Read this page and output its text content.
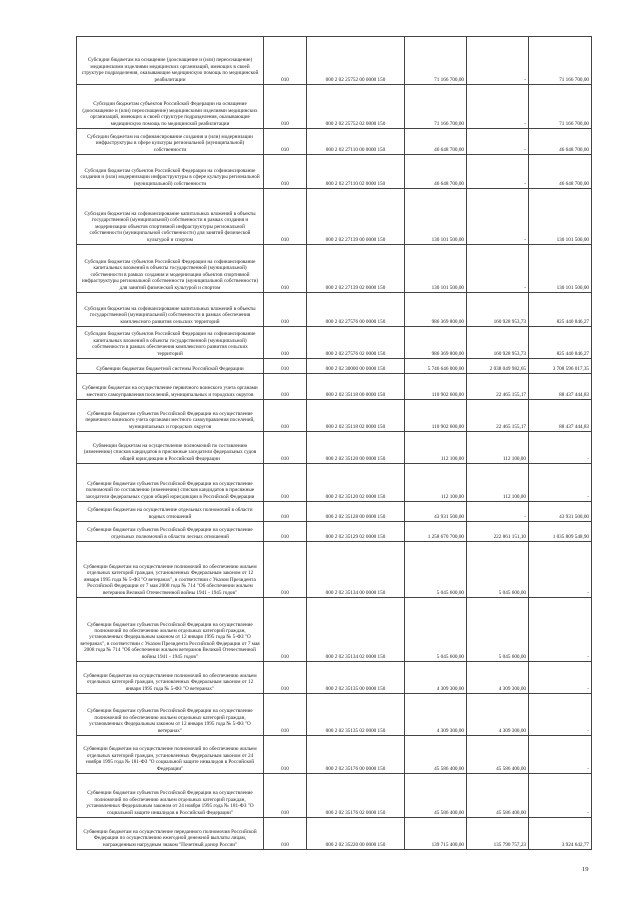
Субсидии бюджетам на оснащение (дооснащение и (или) переоснащение) медицинскими изделиями медицинских организаций, имеющих в своей структуре подразделения, оказывающие медицинскую помощь по медицинской реабилитации	010	000 2 02 25752 00 0000 150	71 166 700,00	-	71 166 700,00
Субсидии бюджетам субъектов Российской Федерации на оснащение (дооснащение и (или) переоснащение) медицинскими изделиями медицинских организаций, имеющих в своей структуре подразделения, оказывающие медицинскую помощь по медицинской реабилитации	010	000 2 02 25752 02 0000 150	71 166 700,00	-	71 166 700,00
Субсидии бюджетам на софинансирование создания и (или) модернизации инфраструктуры в сфере культуры региональной (муниципальной) собственности	010	000 2 02 27110 00 0000 150	46 648 700,00	-	46 648 700,00
Субсидии бюджетам субъектов Российской Федерации на софинансирование создания и (или) модернизации инфраструктуры в сфере культуры региональной (муниципальной) собственности	010	000 2 02 27110 02 0000 150	46 648 700,00	-	46 648 700,00
Субсидии бюджетам на софинансирование капитальных вложений в объекты государственной (муниципальной) собственности в рамках создания и модернизации объектов спортивной инфраструктуры региональной собственности (муниципальной собственности) для занятий физической культурой и спортом	010	000 2 02 27139 00 0000 150	130 101 500,00	-	130 101 500,00
Субсидии бюджетам субъектов Российской Федерации на софинансирование капитальных вложений в объекты государственной (муниципальной) собственности в рамках создания и модернизации объектов спортивной инфраструктуры региональной собственности (муниципальной собственности) для занятий физической культурой и спортом	010	000 2 02 27139 02 0000 150	130 101 500,00	-	130 101 500,00
Субсидии бюджетам на софинансирование капитальных вложений в объекты государственной (муниципальной) собственности в рамках обеспечения комплексного развития сельских территорий	010	000 2 02 27576 00 0000 150	986 369 800,00	160 928 953,73	825 440 846,27
Субсидии бюджетам субъектов Российской Федерации на софинансирование капитальных вложений в объекты государственной (муниципальной) собственности в рамках обеспечения комплексного развития сельских территорий	010	000 2 02 27576 02 0000 150	986 369 800,00	160 928 953,73	825 440 846,27
Субвенции бюджетам бюджетной системы Российской Федерации	010	000 2 02 30000 00 0000 150	5 746 646 000,00	2 038 049 982,65	3 708 596 017,35
Субвенции бюджетам на осуществление первичного воинского учета органами местного самоуправления поселений, муниципальных и городских округов	010	000 2 02 35118 00 0000 150	110 902 600,00	22 465 155,17	88 437 444,83
Субвенции бюджетам субъектов Российской Федерации на осуществление первичного воинского учета органами местного самоуправления поселений, муниципальных и городских округов	010	000 2 02 35118 02 0000 150	110 902 600,00	22 465 155,17	88 437 444,83
Субвенции бюджетам на осуществление полномочий по составлению (изменению) списков кандидатов в присяжные заседатели федеральных судов общей юрисдикции в Российской Федерации	010	000 2 02 35120 00 0000 150	112 100,00	112 100,00	-
Субвенции бюджетам субъектов Российской Федерации на осуществление полномочий по составлению (изменению) списков кандидатов в присяжные заседатели федеральных судов общей юрисдикции в Российской Федерации	010	000 2 02 35120 02 0000 150	112 100,00	112 100,00	-
Субвенции бюджетам на осуществление отдельных полномочий в области водных отношений	010	000 2 02 35128 00 0000 150	43 931 500,00	-	43 931 500,00
Субвенции бюджетам субъектов Российской Федерации на осуществление отдельных полномочий в области лесных отношений	010	000 2 02 35129 02 0000 150	1 258 670 700,00	222 861 151,10	1 035 809 548,90
Субвенции бюджетам на осуществление полномочий по обеспечению жильем отдельных категорий граждан, установленных Федеральным законом от 12 января 1995 года № 5-ФЗ "О ветеранах", в соответствии с Указом Президента Российской Федерации от 7 мая 2008 года № 714 "Об обеспечении жильем ветеранов Великой Отечественной войны 1941 - 1945 годов"	010	000 2 02 35134 00 0000 150	5 045 600,00	5 045 600,00	-
Субвенции бюджетам субъектов Российской Федерации на осуществление полномочий по обеспечению жильем отдельных категорий граждан, установленных Федеральным законом от 12 января 1995 года № 5-ФЗ "О ветеранах", в соответствии с Указом Президента Российской Федерации от 7 мая 2008 года № 714 "Об обеспечении жильем ветеранов Великой Отечественной войны 1941 - 1945 годов"	010	000 2 02 35134 02 0000 150	5 045 600,00	5 045 600,00	-
Субвенции бюджетам на осуществление полномочий по обеспечению жильем отдельных категорий граждан, установленных Федеральным законом от 12 января 1995 года № 5-ФЗ "О ветеранах"	010	000 2 02 35135 00 0000 150	4 309 300,00	4 309 300,00	-
Субвенции бюджетам субъектов Российской Федерации на осуществление полномочий по обеспечению жильем отдельных категорий граждан, установленных Федеральным законом от 12 января 1995 года № 5-ФЗ "О ветеранах"	010	000 2 02 35135 02 0000 150	4 309 300,00	4 309 300,00	-
Субвенции бюджетам на осуществление полномочий по обеспечению жильем отдельных категорий граждан, установленных Федеральным законом от 24 ноября 1995 года № 181-ФЗ "О социальной защите инвалидов в Российской Федерации"	010	000 2 02 35176 00 0000 150	45 586 400,00	45 586 400,00	-
Субвенции бюджетам субъектов Российской Федерации на осуществление полномочий по обеспечению жильем отдельных категорий граждан, установленных Федеральным законом от 24 ноября 1995 года № 181-ФЗ "О социальной защите инвалидов в Российской Федерации"	010	000 2 02 35176 02 0000 150	45 586 400,00	45 586 400,00	-
Субвенции бюджетам на осуществление переданного полномочия Российской Федерации по осуществлению ежегодной денежной выплаты лицам, награжденным нагрудным знаком "Почетный донор России"	010	000 2 02 35220 00 0000 150	139 715 400,00	135 790 757,23	3 924 642,77
19
